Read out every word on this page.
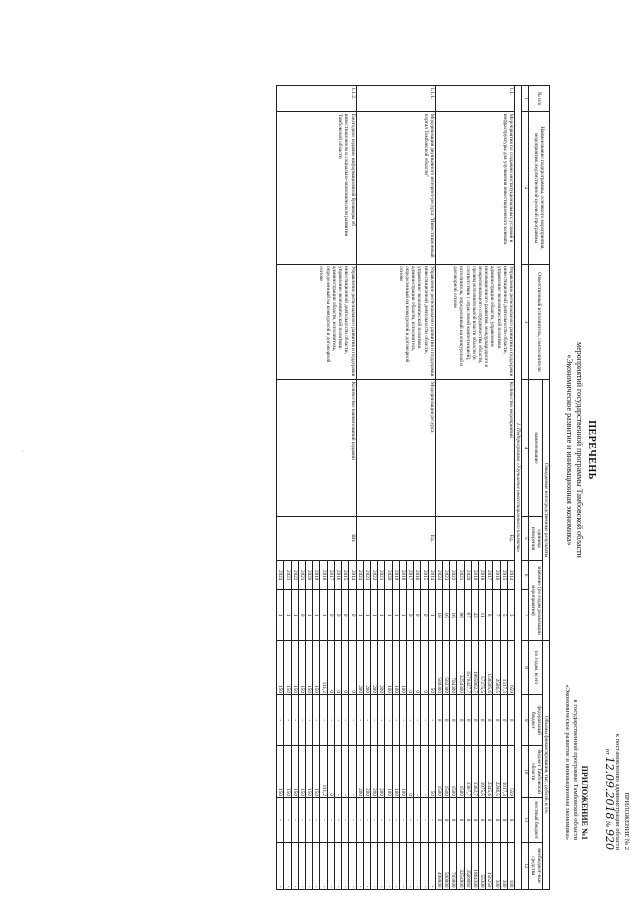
ПРИЛОЖЕНИЕ № 2
к постановлению администрации области
от 12.09.2018 № 920
ПРИЛОЖЕНИЕ №1
к государственной программе Тамбовской области
«Экономическое развитие и инновационная экономика»
ПЕРЕЧЕНЬ
мероприятий государственной программы Тамбовской области
«Экономическое развитие и инновационная экономика»
№ п/п	Наименование подпрограммы, основного мероприятия, мероприятия, ведомственной целевой программы	Ответственный исполнитель, соисполнители	Ожидаемые непосредственные результаты				Объемы финансирования, тыс. рублей, в т.ч.				
			наименование	единица измерения	значение (по годам реализации мероприятия)		по годам, всего	федеральный бюджет	бюджет Тамбовской области	местный бюджет	внебюджет-ные средства
1	2	3	4	5	6	7	8	9	10	11	12
1. Подпрограмма «Улучшение инвестиционного климата»											
1.1.	Мероприятия по созданию институциональных условий и инфраструктуры для улучшения инвестиционного климата	Управление регионального развития и поддержки инвестиционной деятельности области, управление экономической политики администрации области, управление инновационного развития, международного и межрегионального сотрудничества области, органы исполнительной власти области (в соответствии с отраслевой компетенцией), исполнитель, определенный на конкурсной и договорной основе	Количество мероприятий	Ед.	2014	3	659	0	559	0	100
					2015	5	1317,3	0	1017,3	0	300
					2016	7	2586,5	0	2286,5	0	300
					2017	8	158595,6	0	2345,6	0	156250
					2018	11	57275,5	0	1975,5	0	55300
					2019	42	1865662,7	0	1362,7	0	1864300
					2020	67	3570427,7	0	1367,7	0	3569060
					2021	86	3254300	0	1500	0	3254800
					2022	16	704300	0	1500	0	703800
					2023	16	502300	0	1500	0	500800
					2024	18	500300	0	1500	0	498800
1.1.1.	Модернизация двуязычного интернет-ресурса "Инвестиционный портал Тамбовской области"	Управление регионального развития и поддержки инвестиционной деятельности области, управление экономической политики администрации области, исполнитель, определенный на конкурсной и договорной основе	Модернизация ресурса	Ед.	2014	1	50	-	50	-	-
					2015	0	0	-	-	-	-
					2016	0	0	-	-	-	-
					2017	0	0	-	0	-	-
					2018	1	100	-	100	-	-
					2019	1	100	-	100	-	-
					2020	1	100	-	100	-	-
					2021	1	200	-	200	-	-
					2022	1	200	-	200	-	-
					2023	1	200	-	200	-	-
					2024	1	200	-	200	-	-
1.1.2.	Ежегодное издание информационной брошюры об инвестиционном и социально-экономическом развитии Тамбовской области	Управление регионального развития и поддержки инвестиционной деятельности области, управление экономической политики администрации области, исполнитель, определенный на конкурсной и договорной основе	Количество наименований изданий	Шт.	2014	0	0	-	-	-	-
					2015	0	0	-	-	-	-
					2016	0	0	-	-	-	-
					2017	0	0	-	0	-	-
					2018	1	111,2	-	111,2	-	-
					2019	1	150	-	150	-	-
					2020	1	150	-	150	-	-
					2021	0	150	-	150	-	-
					2022	1	150	-	150	-	-
					2023	1	150	-	150	-	-
					2024	1	150	-	150	-	-
·
